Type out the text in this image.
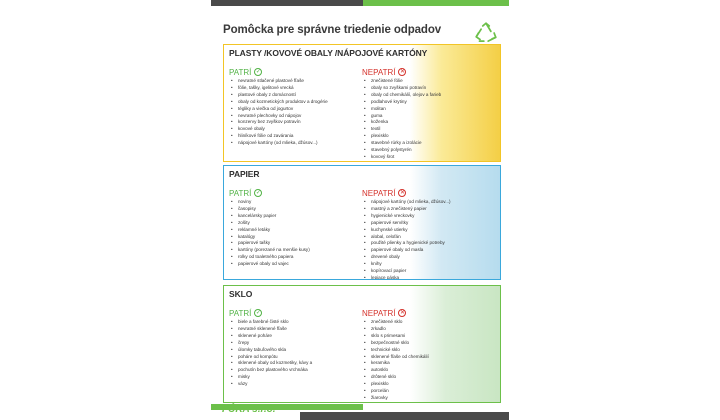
Pomôcka pre správne triedenie odpadov
PLASTY /KOVOVÉ OBALY /NÁPOJOVÉ KARTÓNY
PATRÍ ✓
• nevratné stlačené plastové fľaše
• fólie, tašky, igelitové vrecká
• plastové obaly z domácností
• obaly od kozmetických produktov a drogérie
• tégliky a viečka od jogurtov
• nevratné plechovky od nápojov
• konzervy bez zvyškov potravín
• kovové obaly
• hliníkové fólie od zavárania
• nápojové kartóny (od mlieka, džúsov...)
NEPATRÍ ✕
• znečistené fólie
• obaly so zvyškami potravín
• obaly od chemikálií, olejov a farieb
• podlahové krytiny
• molitan
• guma
• koženka
• textil
• plexisklo
• stavebné rúrky a izolácie
• stavebný polystyrén
• kovový šrot
PAPIER
PATRÍ ✓
• noviny
• časopisy
• kancelársky papier
• zošity
• reklamné letáky
• katalógy
• papierové tašky
• kartóny (porezané na menšie kusy)
• rolky od toaletného papiera
• papierové obaly od vajec
NEPATRÍ ✕
• nápojové kartóny (od mlieka, džúsov...)
• mastný a znečistený papier
• hygienické vreckovky
• papierové servítky
• kuchynské utierky
• alobal, celofán
• použité plienky a hygienické potreby
• papierové obaly od masla
• drevené obaly
• knihy
• kopírovací papier
• lepiace páska
SKLO
PATRÍ ✓
• biele a farebné čisté sklo
• nevratné sklenené fľaše
• sklenené poháre
• črepy
• úlomky tabuľového skla
• poháre od kompótu
• sklenené obaly od kozmetiky, kávy a
• pochutín bez plastového vrchnáka
• misky
• vázy
NEPATRÍ ✕
• znečistené sklo
• zrkadlo
• sklo s primesami
• bezpečnostné sklo
• technické sklo
• sklenené fľaše od chemikálií
• keramika
• autosklo
• drôtené sklo
• plexisklo
• porcelán
• žiarovky
FÚRA s.r.o.
